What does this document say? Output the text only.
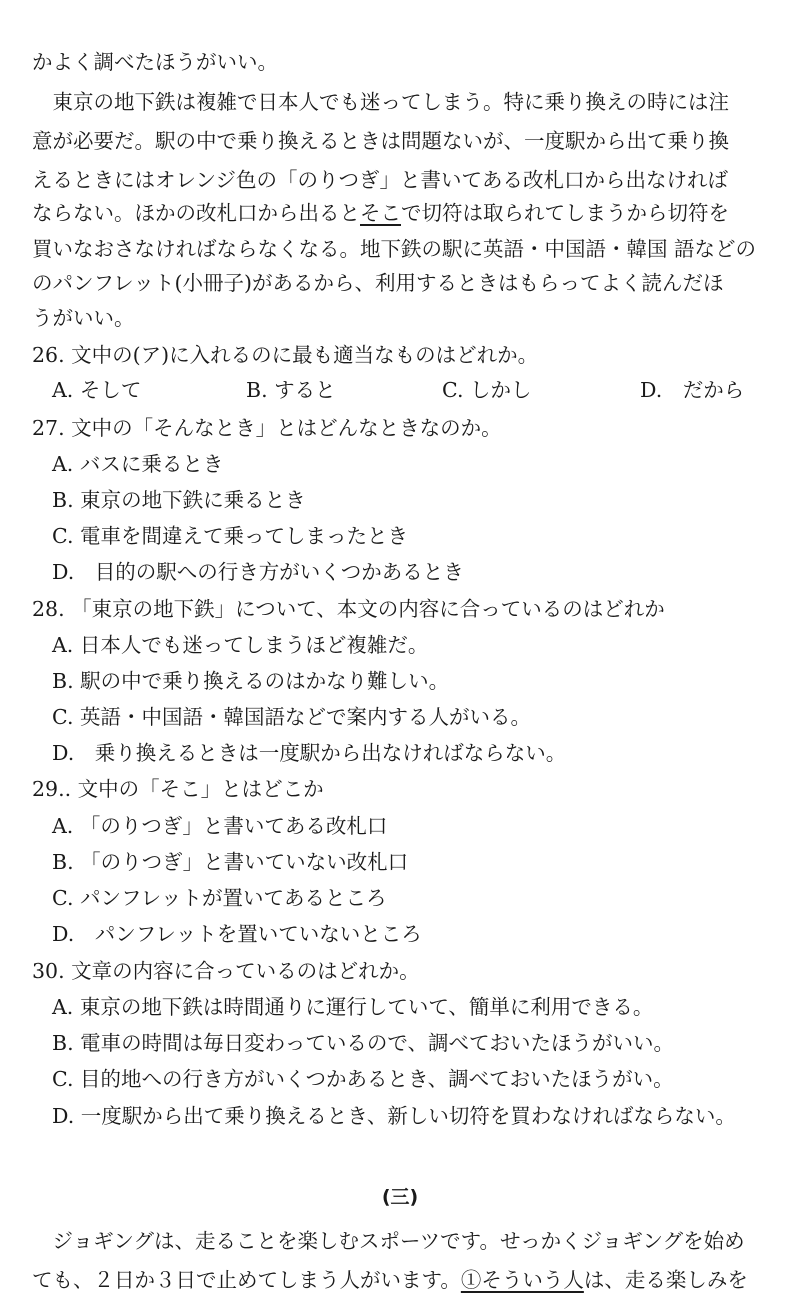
かよく調べたほうがいい。
　東京の地下鉄は複雑で日本人でも迷ってしまう。特に乗り換えの時には注
意が必要だ。駅の中で乗り換えるときは問題ないが、一度駅から出て乗り換
えるときにはオレンジ色の「のりつぎ」と書いてある改札口から出なければ
ならない。ほかの改札口から出るとそこで切符は取られてしまうから切符を
買いなおさなければならなくなる。地下鉄の駅に英語・中国語・韓国 語などの
のパンフレット(小冊子)があるから、利用するときはもらってよく読んだほ
うがいい。
26. 文中の(ア)に入れるのに最も適当なものはどれか。
A. そして	B. すると	C. しかし	D.　だから
27. 文中の「そんなとき」とはどんなときなのか。
A. バスに乗るとき
B. 東京の地下鉄に乗るとき
C. 電車を間違えて乗ってしまったとき
D.　目的の駅への行き方がいくつかあるとき
28. 「東京の地下鉄」について、本文の内容に合っているのはどれか
A. 日本人でも迷ってしまうほど複雑だ。
B. 駅の中で乗り換えるのはかなり難しい。
C. 英語・中国語・韓国語などで案内する人がいる。
D.　乗り換えるときは一度駅から出なければならない。
29.. 文中の「そこ」とはどこか
A. 「のりつぎ」と書いてある改札口
B. 「のりつぎ」と書いていない改札口
C. パンフレットが置いてあるところ
D.　パンフレットを置いていないところ
30. 文章の内容に合っているのはどれか。
A. 東京の地下鉄は時間通りに運行していて、簡単に利用できる。
B. 電車の時間は毎日変わっているので、調べておいたほうがいい。
C. 目的地への行き方がいくつかあるとき、調べておいたほうがい。
D. 一度駅から出て乗り換えるとき、新しい切符を買わなければならない。
(三)
　ジョギングは、走ることを楽しむスポーツです。せっかくジョギングを始め
ても、２日か３日で止めてしまう人がいます。①そういう人は、走る楽しみを
